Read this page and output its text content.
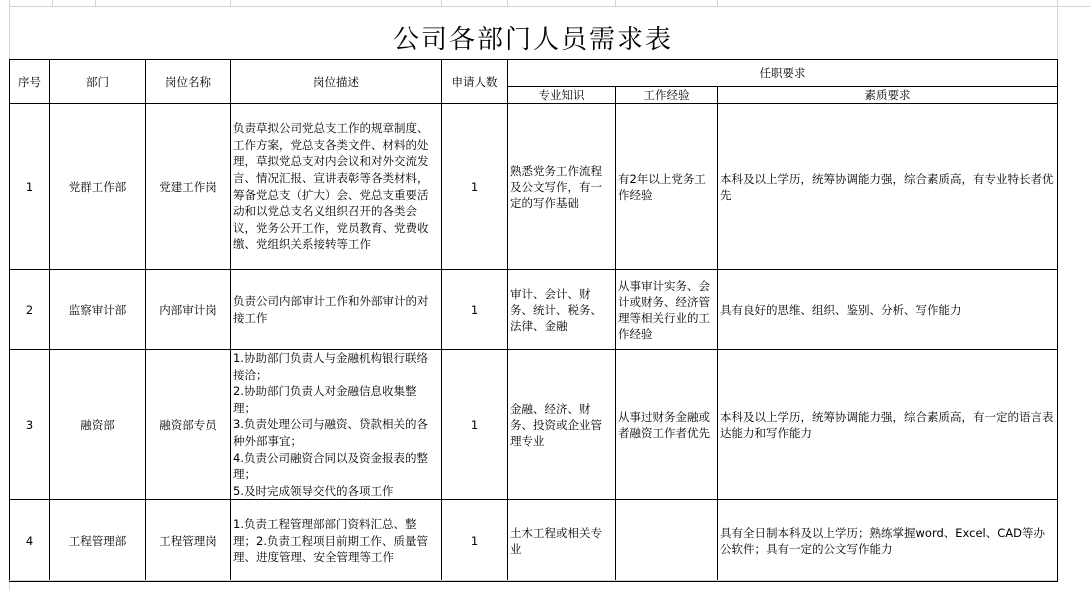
公司各部门人员需求表
序号	部门	岗位名称	岗位描述	申请人数	任职要求		
					专业知识	工作经验	素质要求
1	党群工作部	党建工作岗	负责草拟公司党总支工作的规章制度、工作方案，党总支各类文件、材料的处理，草拟党总支对内会议和对外交流发言、情况汇报、宣讲表彰等各类材料，筹备党总支（扩大）会、党总支重要活动和以党总支名义组织召开的各类会议，党务公开工作，党员教育、党费收缴、党组织关系接转等工作	1	熟悉党务工作流程及公文写作，有一定的写作基础	有2年以上党务工作经验	本科及以上学历，统筹协调能力强，综合素质高，有专业特长者优先
2	监察审计部	内部审计岗	负责公司内部审计工作和外部审计的对接工作	1	审计、会计、财务、统计、税务、法律、金融	从事审计实务、会计或财务、经济管理等相关行业的工作经验	具有良好的思维、组织、鉴别、分析、写作能力
3	融资部	融资部专员	1.协助部门负责人与金融机构银行联络接洽；
2.协助部门负责人对金融信息收集整理；
3.负责处理公司与融资、贷款相关的各种外部事宜；
4.负责公司融资合同以及资金报表的整理；
5.及时完成领导交代的各项工作	1	金融、经济、财务、投资或企业管理专业	从事过财务金融或者融资工作者优先	本科及以上学历，统筹协调能力强，综合素质高，有一定的语言表达能力和写作能力
4	工程管理部	工程管理岗	1.负责工程管理部部门资料汇总、整理；2.负责工程项目前期工作、质量管理、进度管理、安全管理等工作	1	土木工程或相关专业		具有全日制本科及以上学历；熟练掌握word、Excel、CAD等办公软件；具有一定的公文写作能力
